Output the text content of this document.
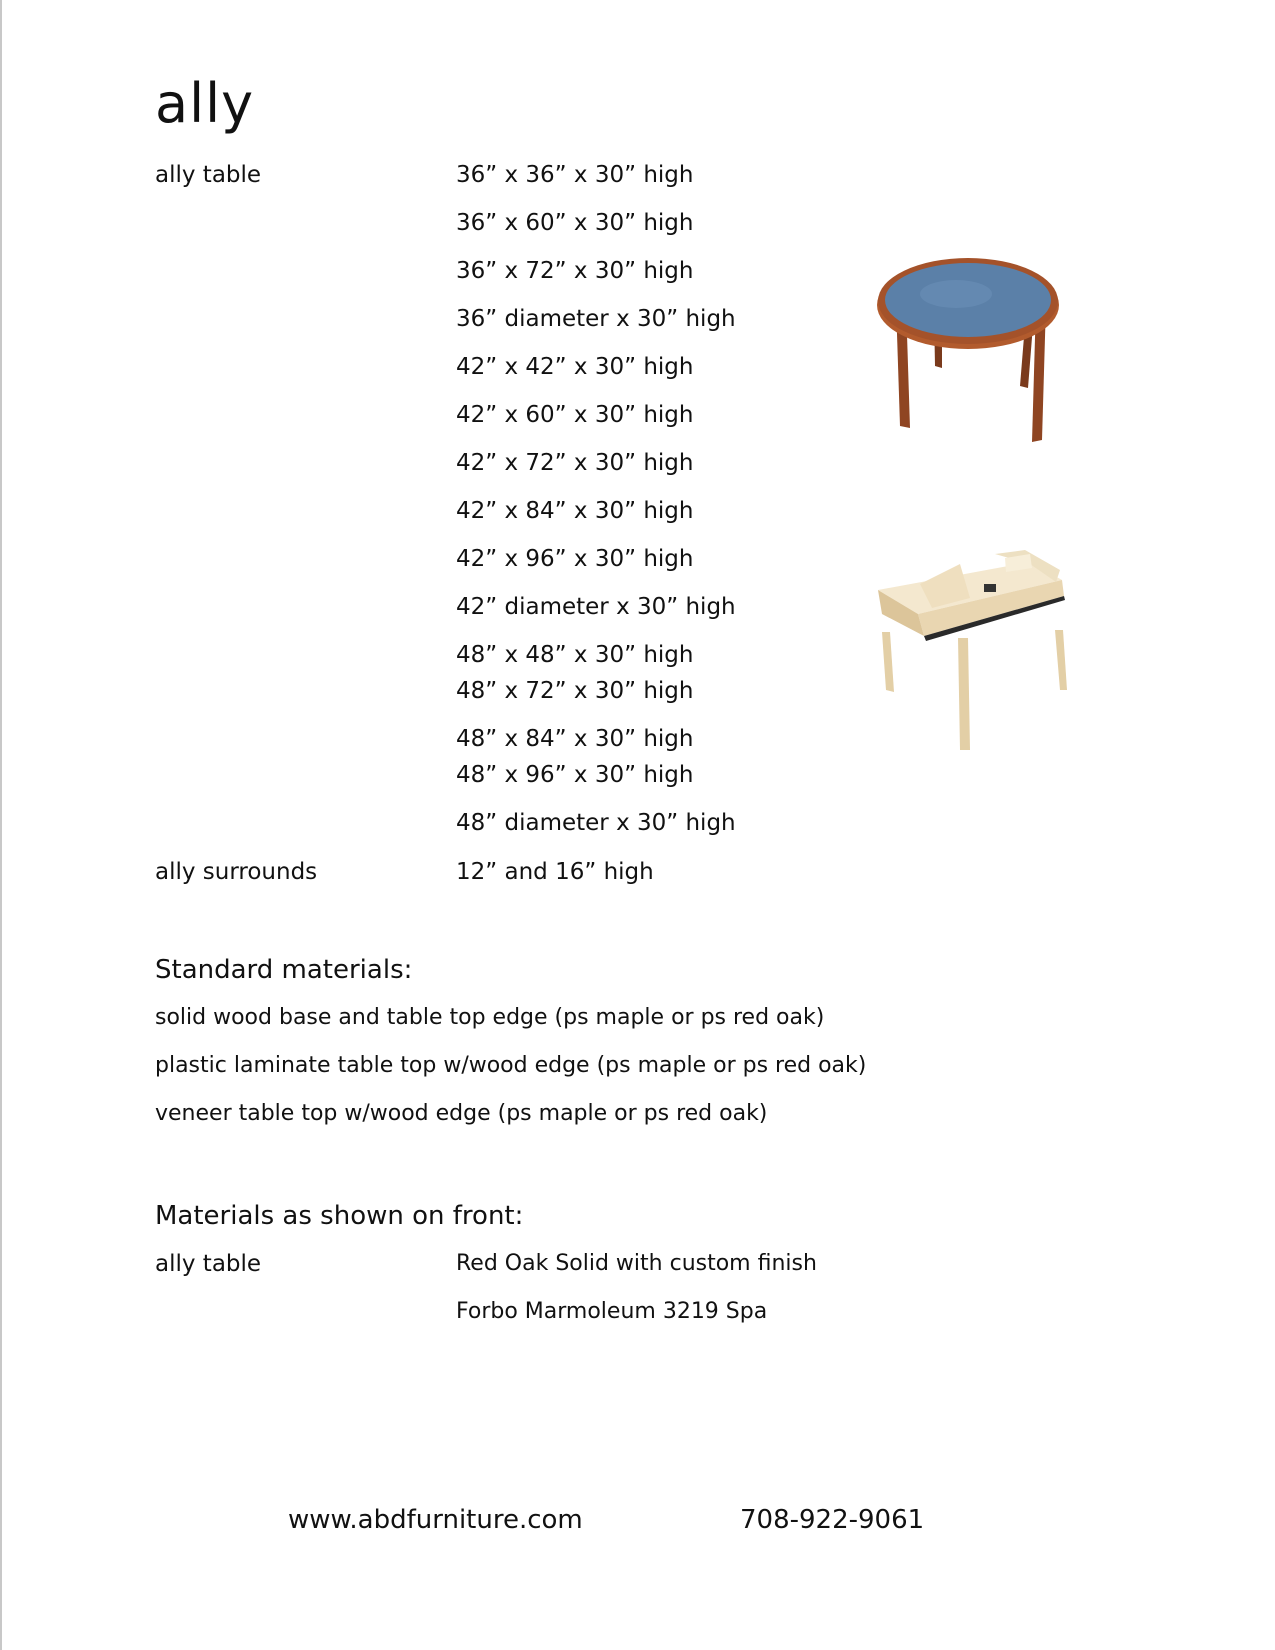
ally
ally table	36” x 36” x 30” high
36” x 60” x 30” high
36” x 72” x 30” high
36” diameter x 30” high
42” x 42” x 30” high
42” x 60” x 30” high
42” x 72” x 30” high
42” x 84” x 30” high
42” x 96” x 30” high
42” diameter x 30” high
48” x 48” x 30” high
48” x 72” x 30” high
48” x 84” x 30” high
48” x 96” x 30” high
48” diameter x 30” high
ally surrounds	12” and 16” high
Standard materials:
solid wood base and table top edge (ps maple or ps red oak)
plastic laminate table top w/wood edge (ps maple or ps red oak)
veneer table top w/wood edge (ps maple or ps red oak)
Materials as shown on front:
ally table	Red Oak Solid with custom finish
Forbo Marmoleum 3219 Spa
www.abdfurniture.com	708-922-9061
